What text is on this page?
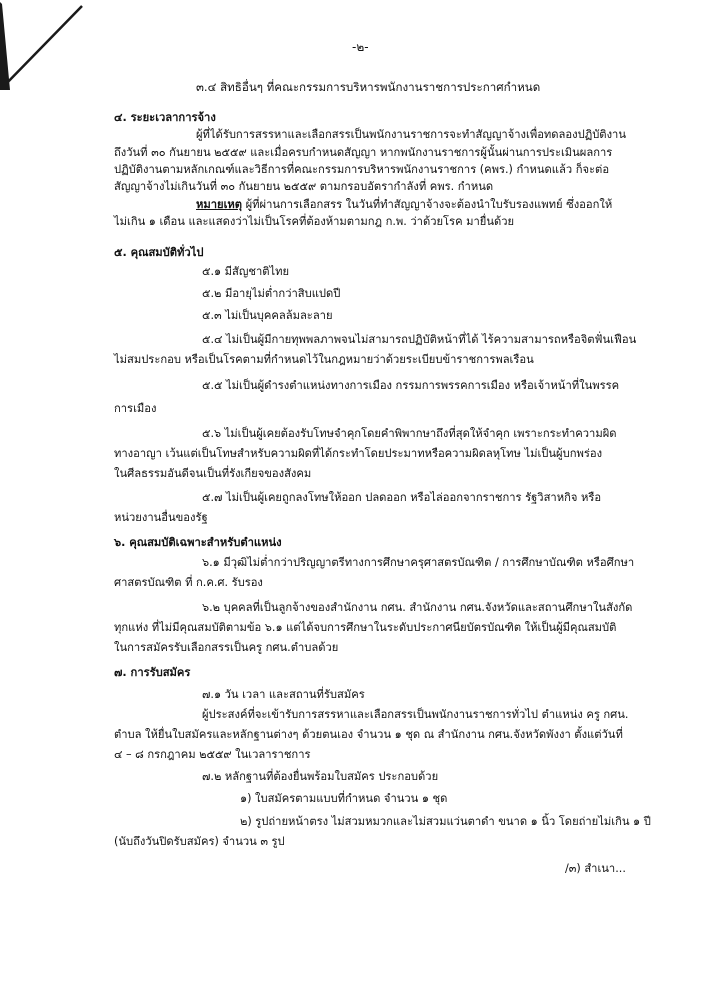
-๒-
๓.๔ สิทธิอื่นๆ ที่คณะกรรมการบริหารพนักงานราชการประกาศกำหนด
๔. ระยะเวลาการจ้าง
ผู้ที่ได้รับการสรรหาและเลือกสรรเป็นพนักงานราชการจะทำสัญญาจ้างเพื่อทดลองปฏิบัติงาน
ถึงวันที่ ๓๐ กันยายน ๒๕๕๙ และเมื่อครบกำหนดสัญญา หากพนักงานราชการผู้นั้นผ่านการประเมินผลการ
ปฏิบัติงานตามหลักเกณฑ์และวิธีการที่คณะกรรมการบริหารพนักงานราชการ (คพร.) กำหนดแล้ว ก็จะต่อ
สัญญาจ้างไม่เกินวันที่ ๓๐ กันยายน ๒๕๕๙ ตามกรอบอัตรากำลังที่ คพร. กำหนด
หมายเหตุ ผู้ที่ผ่านการเลือกสรร ในวันที่ทำสัญญาจ้างจะต้องนำใบรับรองแพทย์ ซึ่งออกให้
ไม่เกิน ๑ เดือน และแสดงว่าไม่เป็นโรคที่ต้องห้ามตามกฎ ก.พ. ว่าด้วยโรค มายื่นด้วย
๕. คุณสมบัติทั่วไป
๕.๑ มีสัญชาติไทย
๕.๒ มีอายุไม่ต่ำกว่าสิบแปดปี
๕.๓ ไม่เป็นบุคคลล้มละลาย
๕.๔ ไม่เป็นผู้มีกายทุพพลภาพจนไม่สามารถปฏิบัติหน้าที่ได้ ไร้ความสามารถหรือจิตฟั่นเฟือน
ไม่สมประกอบ หรือเป็นโรคตามที่กำหนดไว้ในกฎหมายว่าด้วยระเบียบข้าราชการพลเรือน
๕.๕ ไม่เป็นผู้ดำรงตำแหน่งทางการเมือง กรรมการพรรคการเมือง หรือเจ้าหน้าที่ในพรรค
การเมือง
๕.๖ ไม่เป็นผู้เคยต้องรับโทษจำคุกโดยคำพิพากษาถึงที่สุดให้จำคุก เพราะกระทำความผิด
ทางอาญา เว้นแต่เป็นโทษสำหรับความผิดที่ได้กระทำโดยประมาทหรือความผิดลหุโทษ ไม่เป็นผู้บกพร่อง
ในศีลธรรมอันดีจนเป็นที่รังเกียจของสังคม
๕.๗ ไม่เป็นผู้เคยถูกลงโทษให้ออก ปลดออก หรือไล่ออกจากราชการ รัฐวิสาหกิจ หรือ
หน่วยงานอื่นของรัฐ
๖. คุณสมบัติเฉพาะสำหรับตำแหน่ง
๖.๑ มีวุฒิไม่ต่ำกว่าปริญญาตรีทางการศึกษาครุศาสตรบัณฑิต / การศึกษาบัณฑิต หรือศึกษา
ศาสตรบัณฑิต ที่ ก.ค.ศ. รับรอง
๖.๒ บุคคลที่เป็นลูกจ้างของสำนักงาน กศน. สำนักงาน กศน.จังหวัดและสถานศึกษาในสังกัด
ทุกแห่ง ที่ไม่มีคุณสมบัติตามข้อ ๖.๑ แต่ได้จบการศึกษาในระดับประกาศนียบัตรบัณฑิต ให้เป็นผู้มีคุณสมบัติ
ในการสมัครรับเลือกสรรเป็นครู กศน.ตำบลด้วย
๗. การรับสมัคร
๗.๑ วัน เวลา และสถานที่รับสมัคร
ผู้ประสงค์ที่จะเข้ารับการสรรหาและเลือกสรรเป็นพนักงานราชการทั่วไป ตำแหน่ง ครู กศน.
ตำบล ให้ยื่นใบสมัครและหลักฐานต่างๆ ด้วยตนเอง จำนวน ๑ ชุด ณ สำนักงาน กศน.จังหวัดพังงา ตั้งแต่วันที่
๔ – ๘ กรกฎาคม ๒๕๕๙ ในเวลาราชการ
๗.๒ หลักฐานที่ต้องยื่นพร้อมใบสมัคร ประกอบด้วย
๑) ใบสมัครตามแบบที่กำหนด จำนวน ๑ ชุด
๒) รูปถ่ายหน้าตรง ไม่สวมหมวกและไม่สวมแว่นตาดำ ขนาด ๑ นิ้ว โดยถ่ายไม่เกิน ๑ ปี
(นับถึงวันปิดรับสมัคร) จำนวน ๓ รูป
/๓) สำเนา...
